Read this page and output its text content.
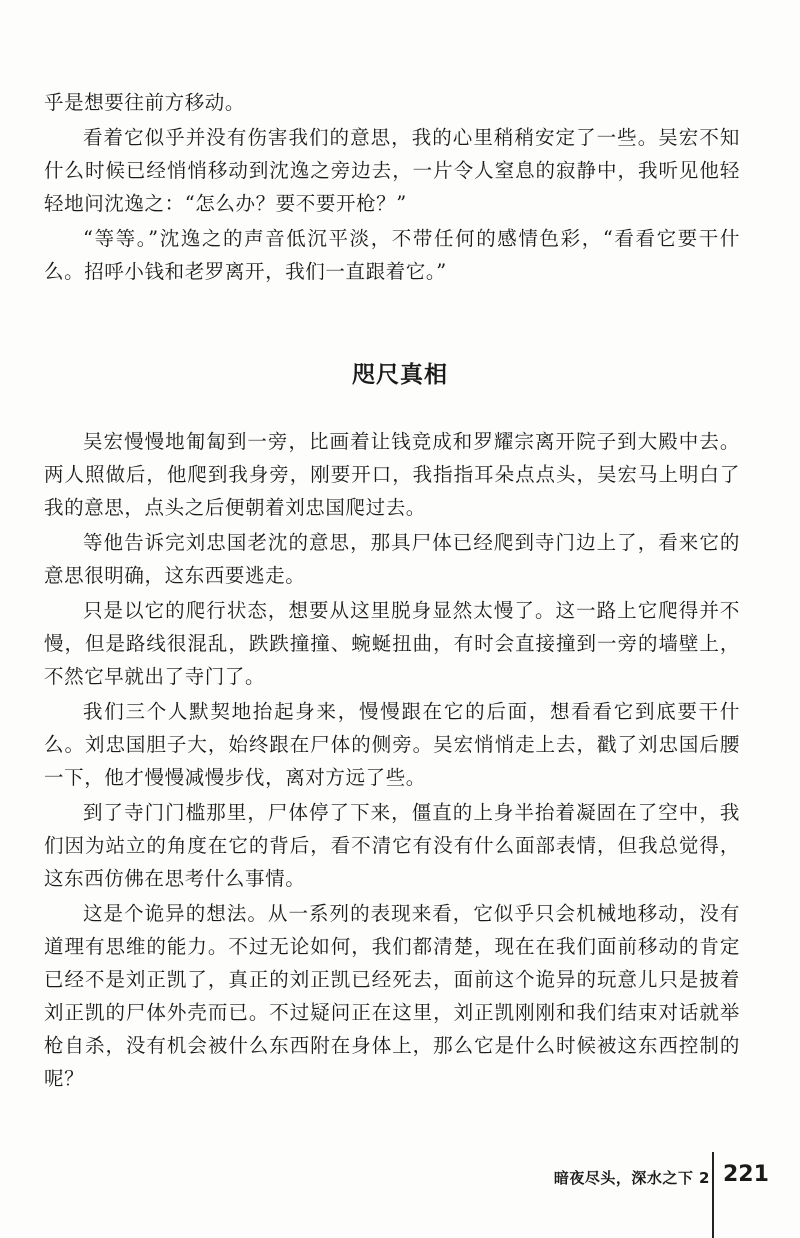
乎是想要往前方移动。

看着它似乎并没有伤害我们的意思，我的心里稍稍安定了一些。吴宏不知什么时候已经悄悄移动到沈逸之旁边去，一片令人窒息的寂静中，我听见他轻轻地问沈逸之：“怎么办？要不要开枪？”

“等等。”沈逸之的声音低沉平淡，不带任何的感情色彩，“看看它要干什么。招呼小钱和老罗离开，我们一直跟着它。”

咫尺真相

吴宏慢慢地匍匐到一旁，比画着让钱竞成和罗耀宗离开院子到大殿中去。两人照做后，他爬到我身旁，刚要开口，我指指耳朵点点头，吴宏马上明白了我的意思，点头之后便朝着刘忠国爬过去。

等他告诉完刘忠国老沈的意思，那具尸体已经爬到寺门边上了，看来它的意思很明确，这东西要逃走。

只是以它的爬行状态，想要从这里脱身显然太慢了。这一路上它爬得并不慢，但是路线很混乱，跌跌撞撞、蜿蜒扭曲，有时会直接撞到一旁的墙壁上，不然它早就出了寺门了。

我们三个人默契地抬起身来，慢慢跟在它的后面，想看看它到底要干什么。刘忠国胆子大，始终跟在尸体的侧旁。吴宏悄悄走上去，戳了刘忠国后腰一下，他才慢慢减慢步伐，离对方远了些。

到了寺门门槛那里，尸体停了下来，僵直的上身半抬着凝固在了空中，我们因为站立的角度在它的背后，看不清它有没有什么面部表情，但我总觉得，这东西仿佛在思考什么事情。

这是个诡异的想法。从一系列的表现来看，它似乎只会机械地移动，没有道理有思维的能力。不过无论如何，我们都清楚，现在在我们面前移动的肯定已经不是刘正凯了，真正的刘正凯已经死去，面前这个诡异的玩意儿只是披着刘正凯的尸体外壳而已。不过疑问正在这里，刘正凯刚刚和我们结束对话就举枪自杀，没有机会被什么东西附在身体上，那么它是什么时候被这东西控制的呢？

暗夜尽头，深水之下 2 221
